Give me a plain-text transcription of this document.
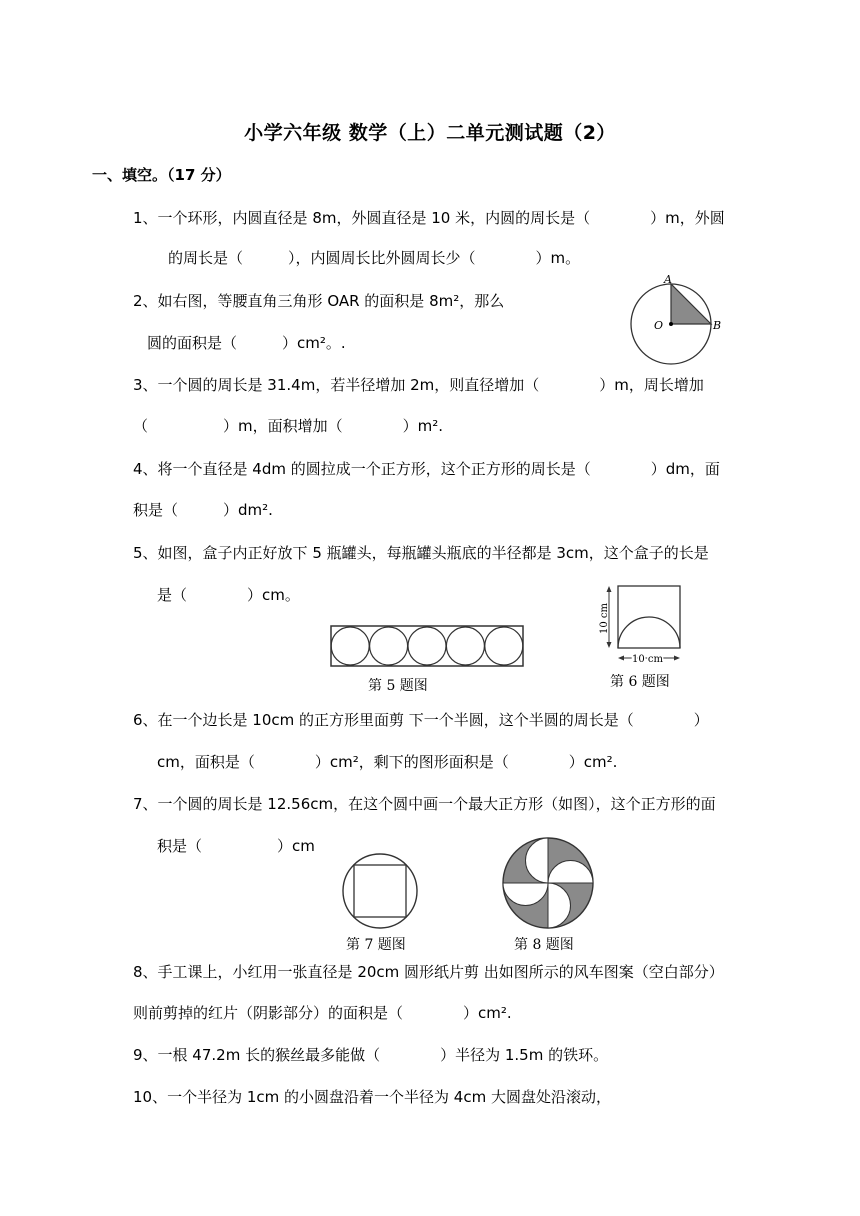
小学六年级 数学（上）二单元测试题（2）
一、填空。（17 分）
1、一个环形，内圆直径是 8m，外圆直径是 10 米，内圆的周长是（　　　　）m，外圆
的周长是（　　　），内圆周长比外圆周长少（　　　　）m。
2、如右图，等腰直角三角形 OAR 的面积是 8m²，那么
圆的面积是（　　　）cm²。.
A
O	B
3、一个圆的周长是 31.4m，若半径增加 2m，则直径增加（　　　　）m，周长增加
（　　　　　）m，面积增加（　　　　）m².
4、将一个直径是 4dm 的圆拉成一个正方形，这个正方形的周长是（　　　　）dm，面
积是（　　　）dm².
5、如图，盒子内正好放下 5 瓶罐头，每瓶罐头瓶底的半径都是 3cm，这个盒子的长是
是（　　　　）cm。
第 5 题图
10 cm
10 cm
第 6 题图
6、在一个边长是 10cm 的正方形里面剪 下一个半圆，这个半圆的周长是（　　　　）
cm，面积是（　　　　）cm²，剩下的图形面积是（　　　　）cm².
7、一个圆的周长是 12.56cm，在这个圆中画一个最大正方形（如图），这个正方形的面
积是（　　　　　）cm
第 7 题图	第 8 题图
8、手工课上，小红用一张直径是 20cm 圆形纸片剪 出如图所示的风车图案（空白部分）
则前剪掉的红片（阴影部分）的面积是（　　　　）cm².
9、一根 47.2m 长的猴丝最多能做（　　　　）半径为 1.5m 的铁环。
10、一个半径为 1cm 的小圆盘沿着一个半径为 4cm 大圆盘处沿滚动，
